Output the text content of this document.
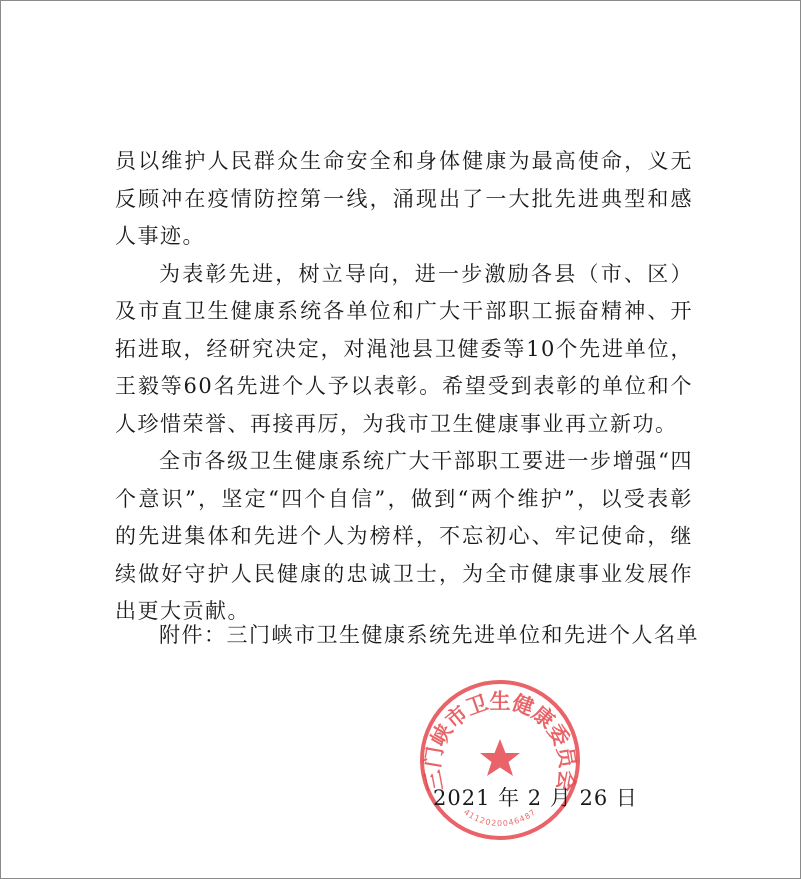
员以维护人民群众生命安全和身体健康为最高使命，义无反顾冲在疫情防控第一线，涌现出了一大批先进典型和感人事迹。

为表彰先进，树立导向，进一步激励各县（市、区）及市直卫生健康系统各单位和广大干部职工振奋精神、开拓进取，经研究决定，对渑池县卫健委等10个先进单位，王毅等60名先进个人予以表彰。希望受到表彰的单位和个人珍惜荣誉、再接再厉，为我市卫生健康事业再立新功。

全市各级卫生健康系统广大干部职工要进一步增强“四个意识”，坚定“四个自信”，做到“两个维护”，以受表彰的先进集体和先进个人为榜样，不忘初心、牢记使命，继续做好守护人民健康的忠诚卫士，为全市健康事业发展作出更大贡献。

附件：三门峡市卫生健康系统先进单位和先进个人名单
三门峡市卫生健康委员会
4112020046487
2021 年 2 月 26 日
